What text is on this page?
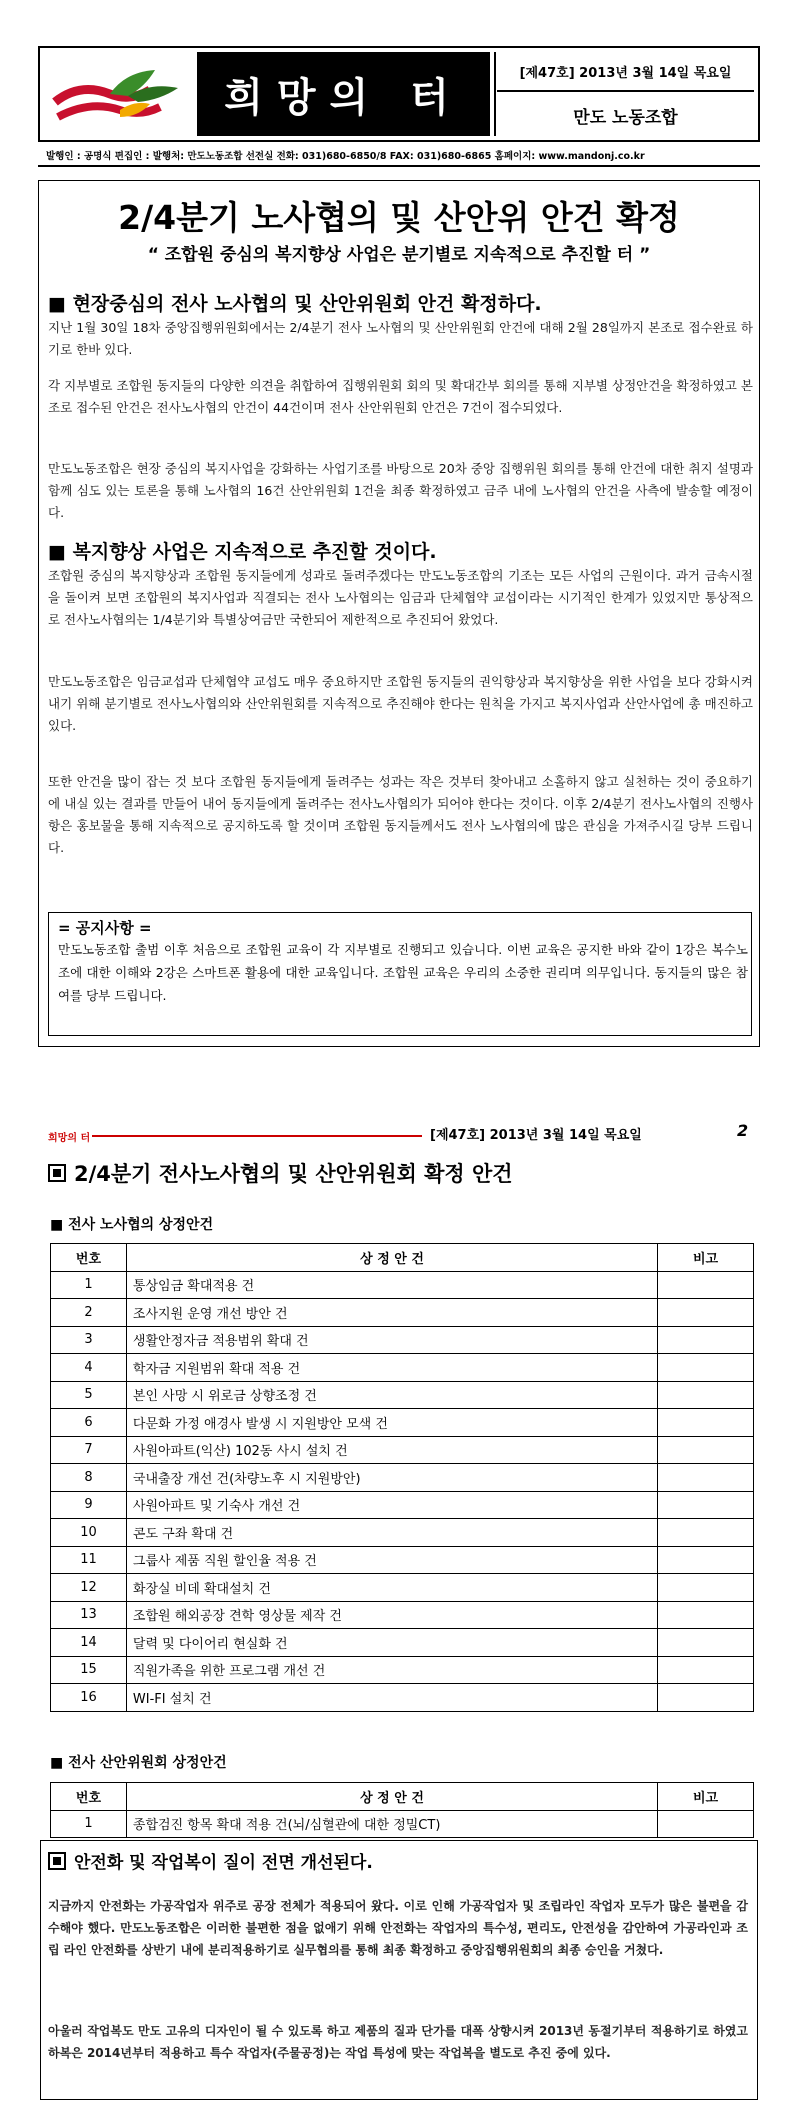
희망의 터
[제47호] 2013년 3월 14일 목요일
만도 노동조합
발행인 : 공명식 편집인 : 발행처: 만도노동조합 선전실 전화: 031)680-6850/8 FAX: 031)680-6865 홈페이지: www.mandonj.co.kr
2/4분기 노사협의 및 산안위 안건 확정
“ 조합원 중심의 복지향상 사업은 분기별로 지속적으로 추진할 터 ”
■ 현장중심의 전사 노사협의 및 산안위원회 안건 확정하다.
지난 1월 30일 18차 중앙집행위원회에서는 2/4분기 전사 노사협의 및 산안위원회 안건에 대해 2월 28일까지 본조로 접수완료 하기로 한바 있다.
각 지부별로 조합원 동지들의 다양한 의견을 취합하여 집행위원회 회의 및 확대간부 회의를 통해 지부별 상정안건을 확정하였고 본조로 접수된 안건은 전사노사협의 안건이 44건이며 전사 산안위원회 안건은 7건이 접수되었다.
만도노동조합은 현장 중심의 복지사업을 강화하는 사업기조를 바탕으로 20차 중앙 집행위원 회의를 통해 안건에 대한 취지 설명과 함께 심도 있는 토론을 통해 노사협의 16건 산안위원회 1건을 최종 확정하였고 금주 내에 노사협의 안건을 사측에 발송할 예정이다.
■ 복지향상 사업은 지속적으로 추진할 것이다.
조합원 중심의 복지향상과 조합원 동지들에게 성과로 돌려주겠다는 만도노동조합의 기조는 모든 사업의 근원이다. 과거 금속시절을 돌이켜 보면 조합원의 복지사업과 직결되는 전사 노사협의는 임금과 단체협약 교섭이라는 시기적인 한계가 있었지만 통상적으로 전사노사협의는 1/4분기와 특별상여금만 국한되어 제한적으로 추진되어 왔었다.
만도노동조합은 임금교섭과 단체협약 교섭도 매우 중요하지만 조합원 동지들의 권익향상과 복지향상을 위한 사업을 보다 강화시켜 내기 위해 분기별로 전사노사협의와 산안위원회를 지속적으로 추진해야 한다는 원칙을 가지고 복지사업과 산안사업에 총 매진하고 있다.
또한 안건을 많이 잡는 것 보다 조합원 동지들에게 돌려주는 성과는 작은 것부터 찾아내고 소홀하지 않고 실천하는 것이 중요하기에 내실 있는 결과를 만들어 내어 동지들에게 돌려주는 전사노사협의가 되어야 한다는 것이다. 이후 2/4분기 전사노사협의 진행사항은 홍보물을 통해 지속적으로 공지하도록 할 것이며 조합원 동지들께서도 전사 노사협의에 많은 관심을 가져주시길 당부 드립니다.
= 공지사항 =
만도노동조합 출범 이후 처음으로 조합원 교육이 각 지부별로 진행되고 있습니다. 이번 교육은 공지한 바와 같이 1강은 복수노조에 대한 이해와 2강은 스마트폰 활용에 대한 교육입니다. 조합원 교육은 우리의 소중한 권리며 의무입니다. 동지들의 많은 참여를 당부 드립니다.
희망의 터	[제47호] 2013년 3월 14일 목요일	2
2/4분기 전사노사협의 및 산안위원회 확정 안건
■ 전사 노사협의 상정안건
번호	상 정 안 건	비고
1	통상임금 확대적용 건	
2	조사지원 운영 개선 방안 건	
3	생활안정자금 적용범위 확대 건	
4	학자금 지원범위 확대 적용 건	
5	본인 사망 시 위로금 상향조정 건	
6	다문화 가정 애경사 발생 시 지원방안 모색 건	
7	사원아파트(익산) 102동 사시 설치 건	
8	국내출장 개선 건(차량노후 시 지원방안)	
9	사원아파트 및 기숙사 개선 건	
10	콘도 구좌 확대 건	
11	그룹사 제품 직원 할인율 적용 건	
12	화장실 비데 확대설치 건	
13	조합원 해외공장 견학 영상물 제작 건	
14	달력 및 다이어리 현실화 건	
15	직원가족을 위한 프로그램 개선 건	
16	WI-FI 설치 건	
■ 전사 산안위원회 상정안건
번호	상 정 안 건	비고
1	종합검진 항목 확대 적용 건(뇌/심혈관에 대한 정밀CT)	
안전화 및 작업복이 질이 전면 개선된다.
지금까지 안전화는 가공작업자 위주로 공장 전체가 적용되어 왔다. 이로 인해 가공작업자 및 조립라인 작업자 모두가 많은 불편을 감수해야 했다. 만도노동조합은 이러한 불편한 점을 없애기 위해 안전화는 작업자의 특수성, 편리도, 안전성을 감안하여 가공라인과 조립 라인 안전화를 상반기 내에 분리적용하기로 실무협의를 통해 최종 확정하고 중앙집행위원회의 최종 승인을 거쳤다.
아울러 작업복도 만도 고유의 디자인이 될 수 있도록 하고 제품의 질과 단가를 대폭 상향시켜 2013년 동절기부터 적용하기로 하였고 하복은 2014년부터 적용하고 특수 작업자(주물공정)는 작업 특성에 맞는 작업복을 별도로 추진 중에 있다.
